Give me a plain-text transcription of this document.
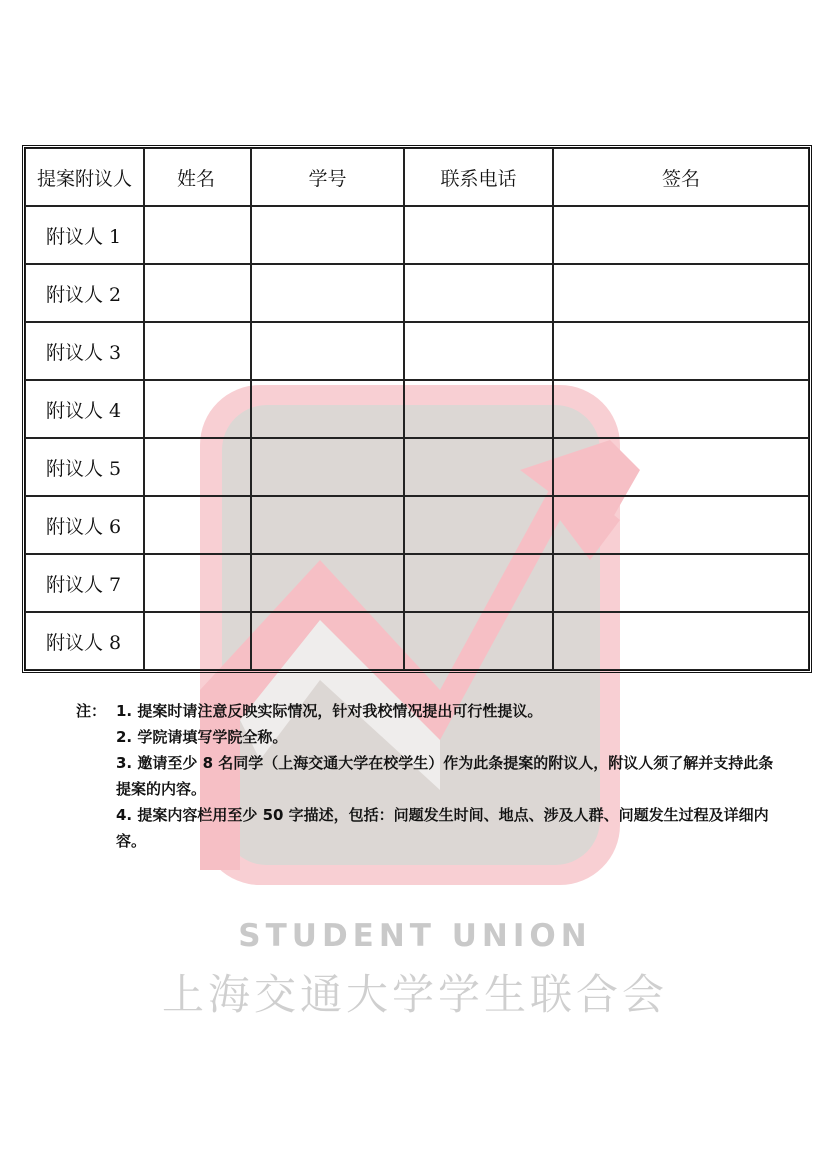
STUDENT UNION
上海交通大学学生联合会
提案附议人	姓名	学号	联系电话	签名
附议人 1				
附议人 2				
附议人 3				
附议人 4				
附议人 5				
附议人 6				
附议人 7				
附议人 8				
注： 1. 提案时请注意反映实际情况，针对我校情况提出可行性提议。
2. 学院请填写学院全称。
3. 邀请至少 8 名同学（上海交通大学在校学生）作为此条提案的附议人，附议人须了解并支持此条提案的内容。
4. 提案内容栏用至少 50 字描述，包括：问题发生时间、地点、涉及人群、问题发生过程及详细内容。
